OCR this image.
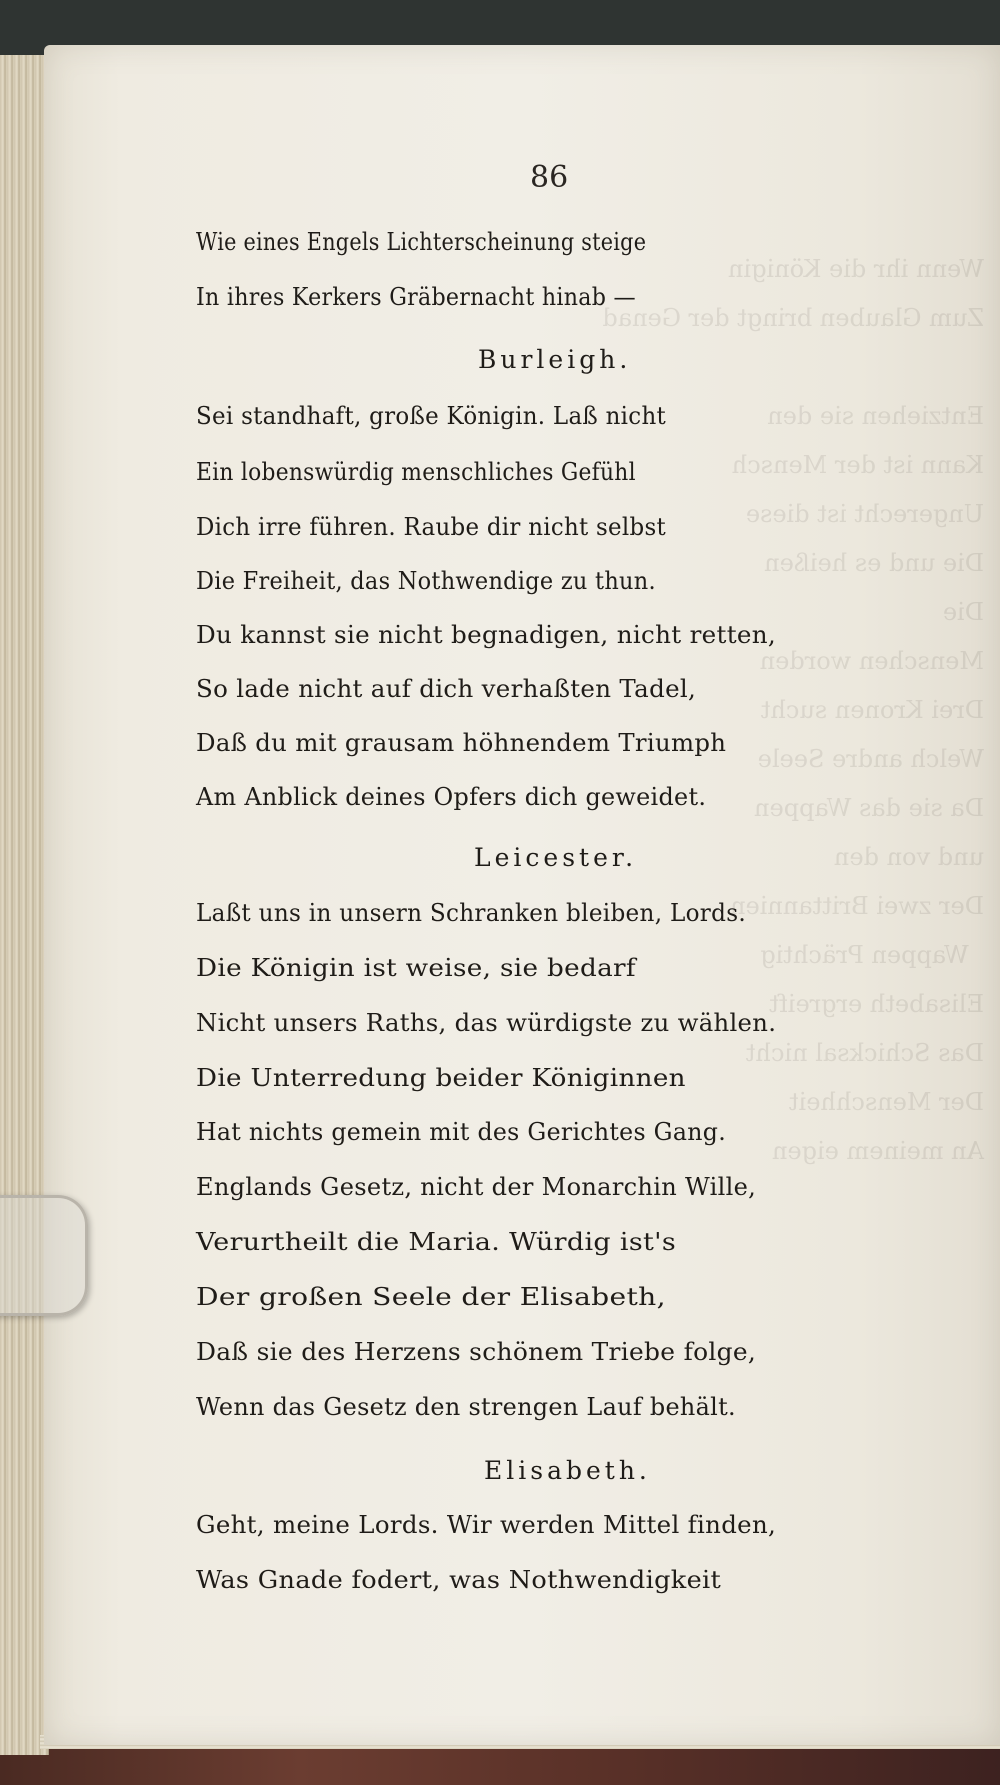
Wenn ihr die Königin
Zum Glauben bringt der Genad

Entziehen sie den
Kann ist der Mensch
Ungerecht ist diese
Die und es heißen
Die
Menschen worden
Drei Kronen sucht
Welch andre Seele
Da sie das Wappen
und von den
Der zwei Brittannien
Wappen Prächtig
Elisabeth ergreift
Das Schicksal nicht
Der Menschheit
An meinem eigen
86
Wie eines Engels Lichterscheinung steige
In ihres Kerkers Gräbernacht hinab —
Burleigh.
Sei standhaft, große Königin. Laß nicht
Ein lobenswürdig menschliches Gefühl
Dich irre führen. Raube dir nicht selbst
Die Freiheit, das Nothwendige zu thun.
Du kannst sie nicht begnadigen, nicht retten,
So lade nicht auf dich verhaßten Tadel,
Daß du mit grausam höhnendem Triumph
Am Anblick deines Opfers dich geweidet.
Leicester.
Laßt uns in unsern Schranken bleiben, Lords.
Die Königin ist weise, sie bedarf
Nicht unsers Raths, das würdigste zu wählen.
Die Unterredung beider Königinnen
Hat nichts gemein mit des Gerichtes Gang.
Englands Gesetz, nicht der Monarchin Wille,
Verurtheilt die Maria. Würdig ist's
Der großen Seele der Elisabeth,
Daß sie des Herzens schönem Triebe folge,
Wenn das Gesetz den strengen Lauf behält.
Elisabeth.
Geht, meine Lords. Wir werden Mittel finden,
Was Gnade fodert, was Nothwendigkeit
